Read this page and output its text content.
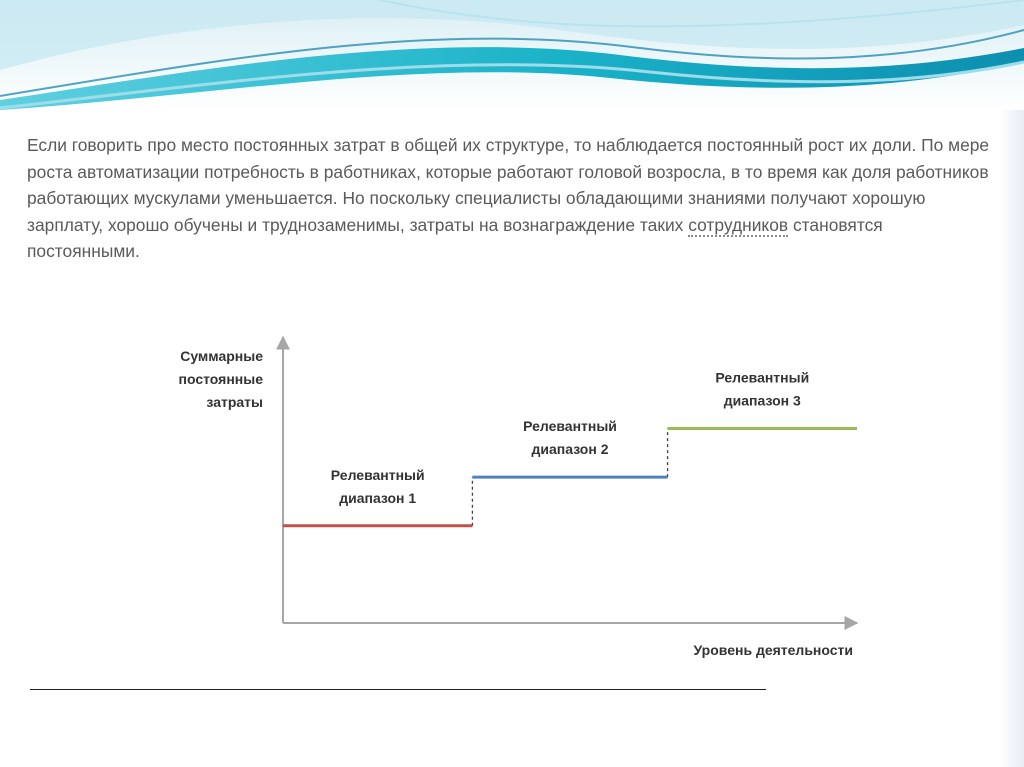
Если говорить про место постоянных затрат в общей их структуре, то наблюдается постоянный рост их доли. По мере роста автоматизации потребность в работниках, которые работают головой возросла, в то время как доля работников работающих мускулами уменьшается. Но поскольку специалисты обладающими знаниями получают хорошую зарплату, хорошо обучены и труднозаменимы, затраты на вознаграждение таких сотрудников становятся постоянными.

Релевантный
диапазон 1
Релевантный
диапазон 2
Релевантный
диапазон 3
Суммарные
постоянные
затраты
Уровень деятельности
